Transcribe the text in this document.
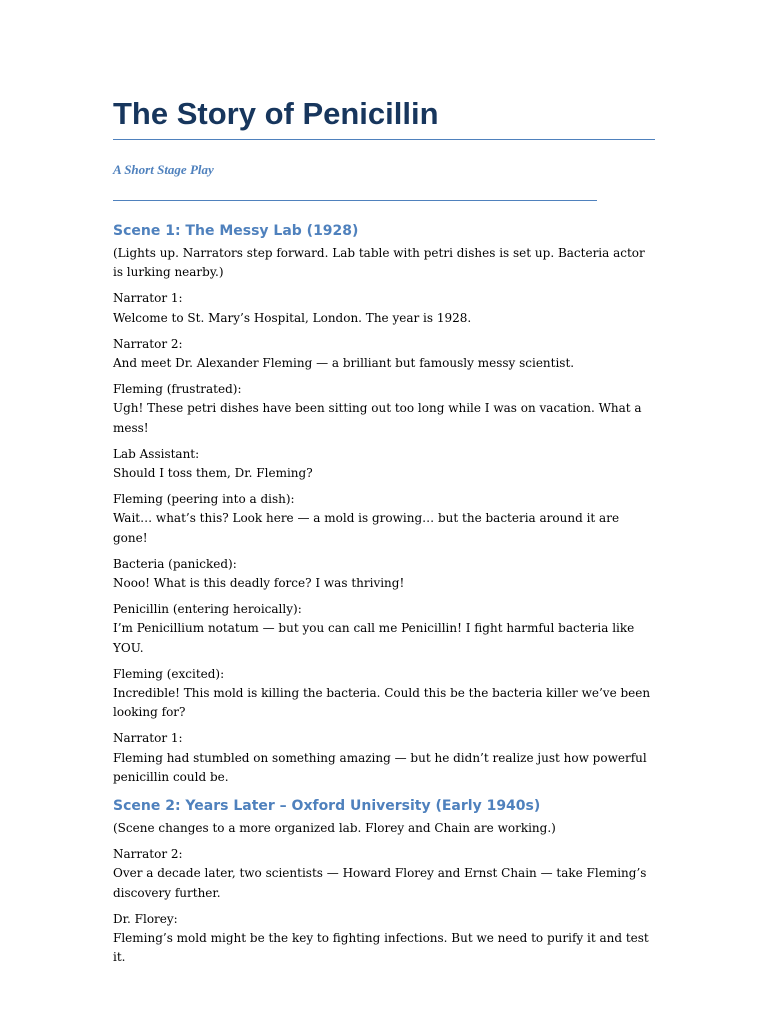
The Story of Penicillin

A Short Stage Play

Scene 1: The Messy Lab (1928)

(Lights up. Narrators step forward. Lab table with petri dishes is set up. Bacteria actor is lurking nearby.)

Narrator 1:
Welcome to St. Mary’s Hospital, London. The year is 1928.
Narrator 2:
And meet Dr. Alexander Fleming — a brilliant but famously messy scientist.
Fleming (frustrated):
Ugh! These petri dishes have been sitting out too long while I was on vacation. What a mess!
Lab Assistant:
Should I toss them, Dr. Fleming?
Fleming (peering into a dish):
Wait… what’s this? Look here — a mold is growing… but the bacteria around it are gone!
Bacteria (panicked):
Nooo! What is this deadly force? I was thriving!
Penicillin (entering heroically):
I’m Penicillium notatum — but you can call me Penicillin! I fight harmful bacteria like YOU.
Fleming (excited):
Incredible! This mold is killing the bacteria. Could this be the bacteria killer we’ve been looking for?
Narrator 1:
Fleming had stumbled on something amazing — but he didn’t realize just how powerful penicillin could be.
Scene 2: Years Later – Oxford University (Early 1940s)

(Scene changes to a more organized lab. Florey and Chain are working.)

Narrator 2:
Over a decade later, two scientists — Howard Florey and Ernst Chain — take Fleming’s discovery further.
Dr. Florey:
Fleming’s mold might be the key to fighting infections. But we need to purify it and test it.
